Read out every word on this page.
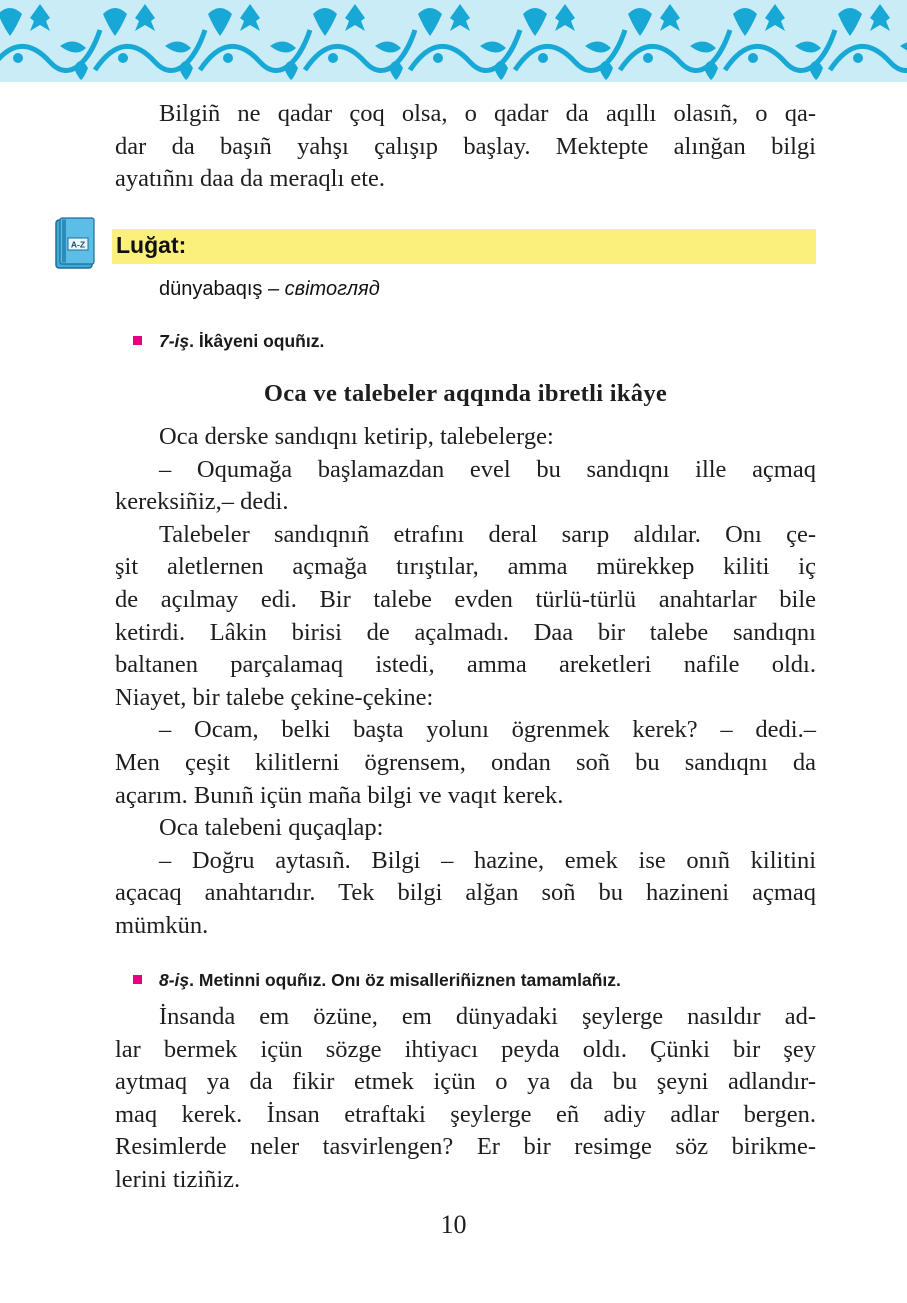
Bilgiñ ne qadar çoq olsa, o qadar da aqıllı olasıñ, o qa-
dar da başıñ yahşı çalışıp başlay. Mektepte alınğan bilgi
ayatıñnı daa da meraqlı ete.
A-Z Luğat:
dünyabaqış – світогляд
7-iş. İkâyeni oquñız.
Oca ve talebeler aqqında ibretli ikâye
Oca derske sandıqnı ketirip, talebelerge:
– Oqumağa başlamazdan evel bu sandıqnı ille açmaq
kereksiñiz,– dedi.
Talebeler sandıqnıñ etrafını deral sarıp aldılar. Onı çe-
şit aletlernen açmağa tırıştılar, amma mürekkep kiliti iç
de açılmay edi. Bir talebe evden türlü-türlü anahtarlar bile
ketirdi. Lâkin birisi de açalmadı. Daa bir talebe sandıqnı
baltanen parçalamaq istedi, amma areketleri nafile oldı.
Niayet, bir talebe çekine-çekine:
– Ocam, belki başta yolunı ögrenmek kerek? – dedi.–
Men çeşit kilitlerni ögrensem, ondan soñ bu sandıqnı da
açarım. Bunıñ içün maña bilgi ve vaqıt kerek.
Oca talebeni quçaqlap:
– Doğru aytasıñ. Bilgi – hazine, emek ise onıñ kilitini
açacaq anahtarıdır. Tek bilgi alğan soñ bu hazineni açmaq
mümkün.
8-iş. Metinni oquñız. Onı öz misalleriñiznen tamamlañız.
İnsanda em özüne, em dünyadaki şeylerge nasıldır ad-
lar bermek içün sözge ihtiyacı peyda oldı. Çünki bir şey
aytmaq ya da fikir etmek içün o ya da bu şeyni adlandır-
maq kerek. İnsan etraftaki şeylerge eñ adiy adlar bergen.
Resimlerde neler tasvirlengen? Er bir resimge söz birikme-
lerini tiziñiz.
10
